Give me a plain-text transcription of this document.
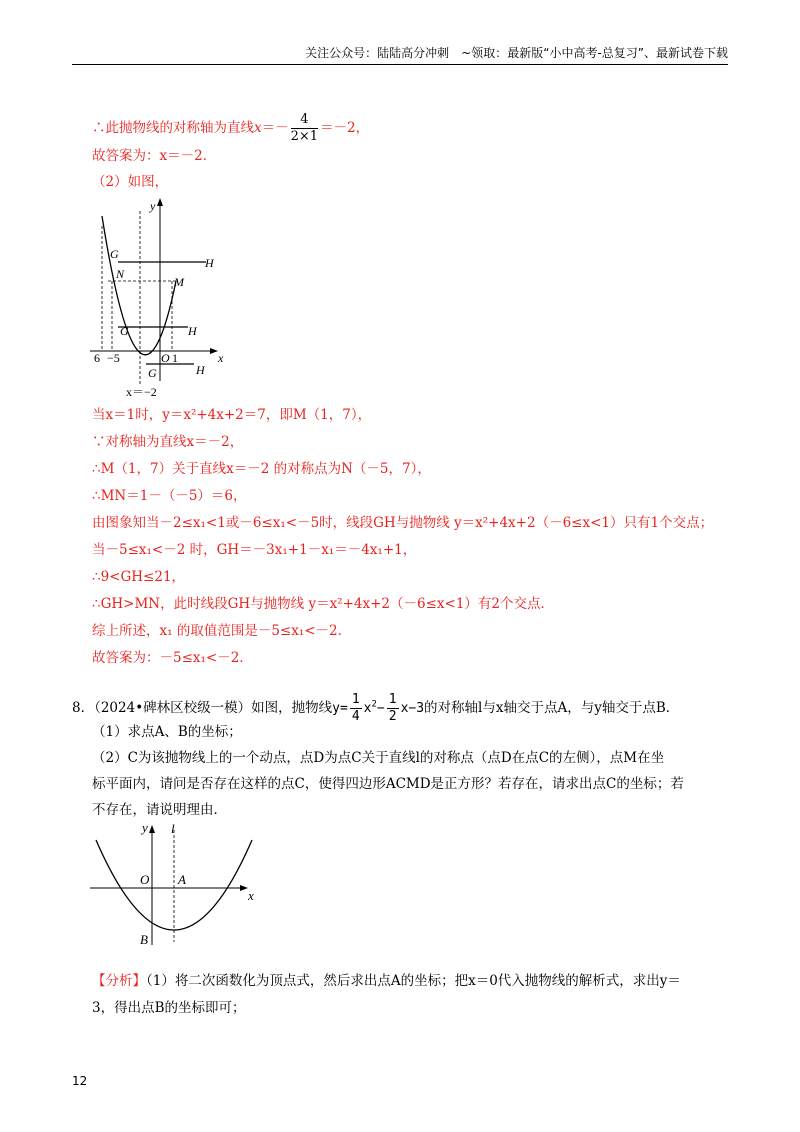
关注公众号：陆陆高分冲刺　~领取：最新版“小中高考-总复习”、最新试卷下载
∴此抛物线的对称轴为直线$x=- \frac{4}{2\times 1} =-2$，
故答案为：x＝－2．
（2）如图，
y
x
G
H
N
M
G	H
G	H
O 1
6 −5
x＝−2
当x＝1时，y＝x²+4x+2＝7，即M（1，7），
∵对称轴为直线x＝－2，
∴M（1，7）关于直线x＝－2 的对称点为N（－5，7），
∴MN＝1－（－5）＝6，
由图象知当－2≤x₁<1或－6≤x₁<－5时，线段GH与抛物线 y＝x²+4x+2（－6≤x<1）只有1个交点；
当－5≤x₁<－2 时，GH＝－3x₁+1－x₁＝－4x₁+1，
∴9<GH≤21，
∴GH>MN，此时线段GH与抛物线 y＝x²+4x+2（－6≤x<1）有2个交点．
综上所述，x₁ 的取值范围是－5≤x₁<－2．
故答案为：－5≤x₁<－2．
8．（2024•碑林区校级一模）如图，抛物线$y= \frac{1}{4} x^2- \frac{1}{2} x-3$的对称轴l与x轴交于点A，与y轴交于点B．
（1）求点A、B的坐标；
（2）C为该抛物线上的一个动点，点D为点C关于直线l的对称点（点D在点C的左侧），点M在坐
标平面内，请问是否存在这样的点C，使得四边形ACMD是正方形？若存在，请求出点C的坐标；若
不存在，请说明理由．
y l
O A
x
B
【分析】（1）将二次函数化为顶点式，然后求出点A的坐标；把x＝0代入抛物线的解析式，求出y＝
3，得出点B的坐标即可；
12
